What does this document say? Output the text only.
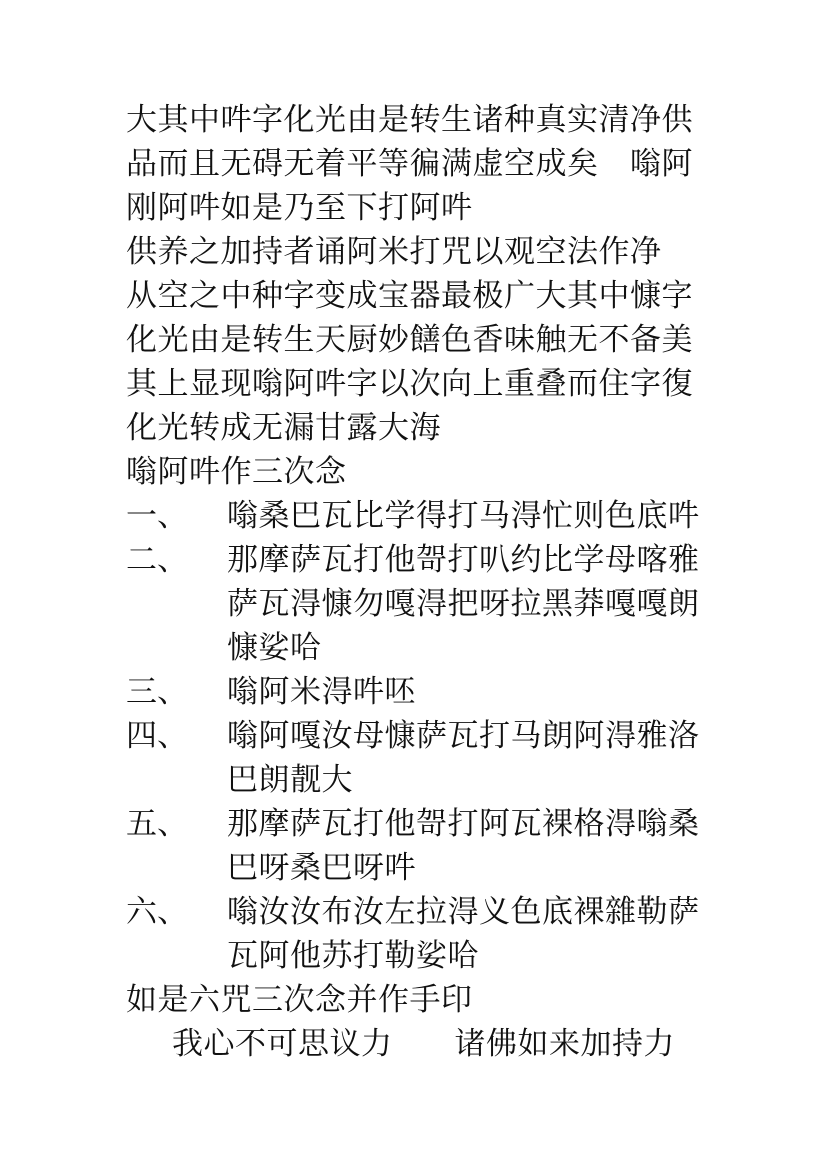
大其中吽字化光由是转生诸种真实清净供
品而且无碍无着平等徧满虚空成矣　嗡阿
刚阿吽如是乃至下打阿吽
供养之加持者诵阿米打咒以观空法作净
从空之中种字变成宝器最极广大其中慷字
化光由是转生天厨妙饍色香味触无不备美
其上显现嗡阿吽字以次向上重叠而住字復
化光转成无漏甘露大海
嗡阿吽作三次念
一、	嗡桑巴瓦比学得打马淂忙则色底吽
二、	那摩萨瓦打他哿打叭约比学母喀雅
萨瓦淂慷勿嘎淂把呀拉黑莽嘎嘎朗
慷娑哈
三、	嗡阿米淂吽呸
四、	嗡阿嘎汝母慷萨瓦打马朗阿淂雅洛
巴朗靓大
五、	那摩萨瓦打他哿打阿瓦裸格淂嗡桑
巴呀桑巴呀吽
六、	嗡汝汝布汝左拉淂义色底裸雜勒萨
瓦阿他苏打勒娑哈
如是六咒三次念并作手印
我心不可思议力 诸佛如来加持力
